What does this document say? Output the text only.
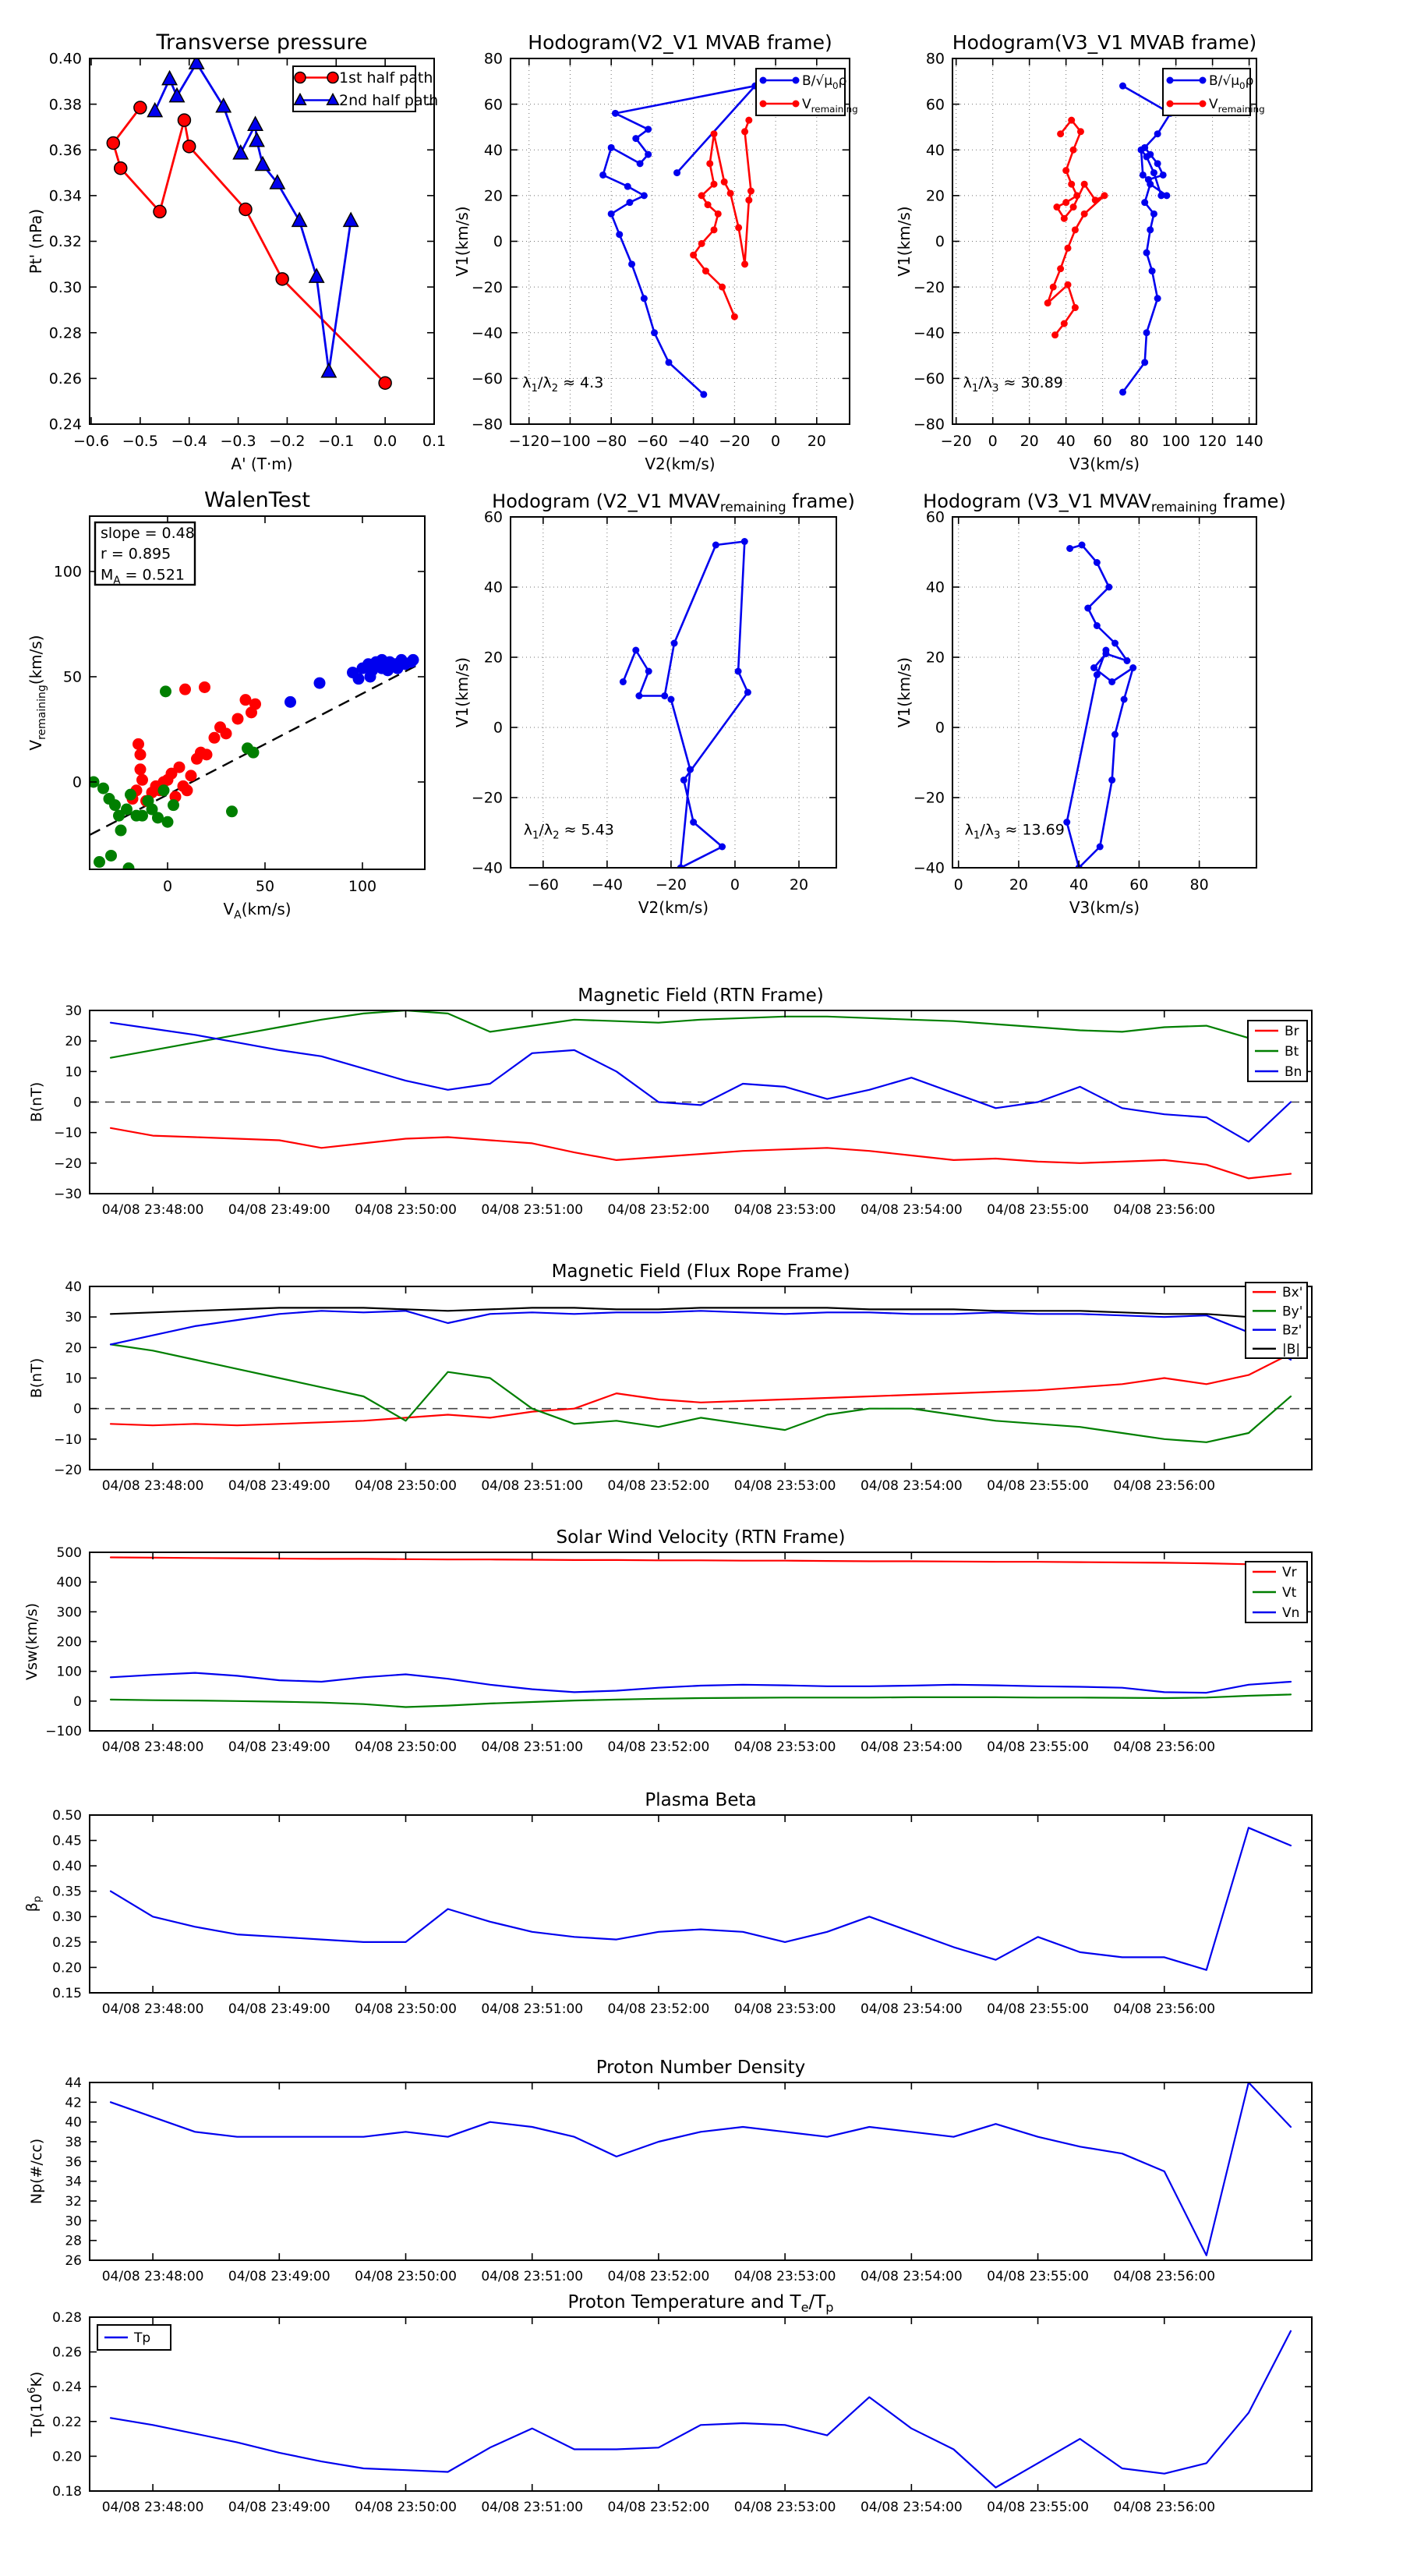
−0.6 −0.5 −0.4 −0.3 −0.2 −0.1 0.0 0.1
0.24
0.26
0.28
0.30
0.32
0.34
0.36
0.38
0.40
Transverse pressure
A' (T·m)
Pt' (nPa)
1st half path
2nd half path
−120 −100 −80 −60 −40 −20 0 20
−80
−60
−40
−20
0
20
40
60
80
Hodogram(V2_V1 MVAB frame)
V2(km/s)
V1(km/s)
$B/√\mu_0\rho$
$V_{remaining}$
$\lambda_1/\lambda_2 \approx 4.3$
−20 0 20 40 60 80 100 120 140
−80
−60
−40
−20
0
20
40
60
80
Hodogram(V3_V1 MVAB frame)
V3(km/s)
V1(km/s)
$B/√\mu_0\rho$
$V_{remaining}$
$\lambda_1/\lambda_3 \approx 30.89$
0	50	100
0
50
100
WalenTest
$V_A(km/s)$
$V_{remaining}(km/s)$
slope = 0.48
r = 0.895
$M_A = 0.521$
−60 −40 −20	0	20
−40
−20
0
20
40
60
Hodogram (V2_V1 $MVAV_{remaining}$ frame)
V2(km/s)
V1(km/s)
$\lambda_1/\lambda_2 \approx 5.43$
0	20	40	60	80
−40
−20
0
20
40
60
Hodogram (V3_V1 $MVAV_{remaining}$ frame)
V3(km/s)
V1(km/s)
$\lambda_1/\lambda_3 \approx 13.69$
04/08 23:48:00 04/08 23:49:00 04/08 23:50:00 04/08 23:51:00 04/08 23:52:00 04/08 23:53:00 04/08 23:54:00 04/08 23:55:00 04/08 23:56:00
−30
−20
−10
0
10
20
30
Magnetic Field (RTN Frame)
B(nT)
Br
Bt
Bn
04/08 23:48:00 04/08 23:49:00 04/08 23:50:00 04/08 23:51:00 04/08 23:52:00 04/08 23:53:00 04/08 23:54:00 04/08 23:55:00 04/08 23:56:00
−20
−10
0
10
20
30
40
Magnetic Field (Flux Rope Frame)
B(nT)
Bx'
By'
Bz'
|B|
04/08 23:48:00 04/08 23:49:00 04/08 23:50:00 04/08 23:51:00 04/08 23:52:00 04/08 23:53:00 04/08 23:54:00 04/08 23:55:00 04/08 23:56:00
−100
0
100
200
300
400
500
Solar Wind Velocity (RTN Frame)
Vsw(km/s)
Vr
Vt
Vn
04/08 23:48:00 04/08 23:49:00 04/08 23:50:00 04/08 23:51:00 04/08 23:52:00 04/08 23:53:00 04/08 23:54:00 04/08 23:55:00 04/08 23:56:00
0.15
0.20
0.25
0.30
0.35
0.40
0.45
0.50
Plasma Beta
$\beta_p$
04/08 23:48:00 04/08 23:49:00 04/08 23:50:00 04/08 23:51:00 04/08 23:52:00 04/08 23:53:00 04/08 23:54:00 04/08 23:55:00 04/08 23:56:00
26
28
30
32
34
36
38
40
42
44
Proton Number Density
Np(#/cc)
04/08 23:48:00 04/08 23:49:00 04/08 23:50:00 04/08 23:51:00 04/08 23:52:00 04/08 23:53:00 04/08 23:54:00 04/08 23:55:00 04/08 23:56:00
0.18
0.20
0.22
0.24
0.26
0.28
Proton Temperature and $T_e/T_p$
$Tp(10^6K)$
Tp
